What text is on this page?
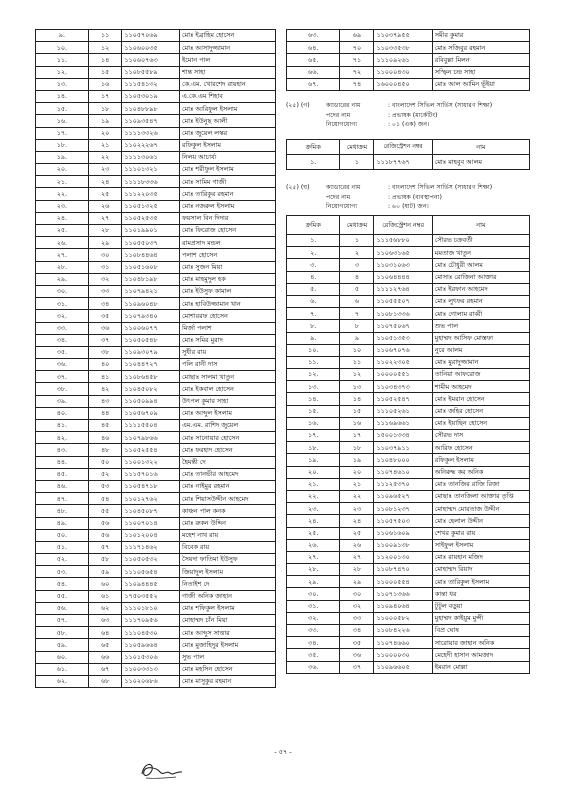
৯.	১১	১১০৫৭০৬৯	মোঃ ইব্রাহিম হোসেন
১০.	১২	১১০৬০০৩৫	মোঃ আসাদুজ্জামান
১১.	১৪	১১০৬০৭৬৩	ইমোন পাল
১২.	১৫	১১০৮৫৫৮৯	শান্ত সাহা
১৩.	১৬	১১১৫৪১৩২	কে.এম. খোরশেদ রায়হান
১৪.	১৭	১১০৫৩০১৯	এ.কে.এম শিহাব
১৫.	১৮	১১০৪৮৮৯৮	মোঃ আরিফুল ইসলাম
১৬.	১৯	১১০৯৩৫৪৭	মোঃ ইউনুছ আলী
১৭.	২০	১১১১৩৩২৬	মোঃ জুয়েল লস্কর
১৮.	২১	১১০২২২৬৭	রফিকুল ইসলাম
১৯.	২২	১১১১৩০৬১	নিলয় আচার্য্য
২০.	২৩	১১১০১৩২১	মোঃ শরীফুল ইসলাম
২১.	২৪	১১১১৮৩৩৬	মোঃ সামিম গাজী
২২.	২৫	১১১২২০৩৫	মোঃ তারিকুর রহমান
২৩.	২৬	১১০৫১৩২৫	মোঃ নজরুল ইসলাম
২৪.	২৭	১১০৫২৫৩৫	ফয়সাল বিন দিদার
২৫.	২৮	১১০১৯৯০১	মোঃ ফিরোজ হোসেন
২৬.	২৯	১১০৫৫০৩৭	রামপ্রসাদ মন্ডল
২৭.	৩০	১১০৮৪৪৬৪	পলাশ হোসেন
২৮.	৩১	১১০৫১৬০৮	মোঃ সুজন মিয়া
২৯.	৩২	১১০৪৮১৯৮	মোঃ মাহমুদুল হক
৩০.	৩৩	১১০৭৯৪২১	মোঃ ইউসুফ কামাল
৩১.	৩৪	১১০৯৬০৪৮	মোঃ হাবিউজ্জামান খান
৩২.	৩৫	১১০৭৯৩৪০	মোশাররফ হোসেন
৩৩.	৩৬	১১০০৬০৭৭	মির্জা পলাশ
৩৪.	৩৭	১১০৫০৫৪৮	মোঃ সমির মুরাদ
৩৫.	৩৮	১১০৯৩০৭৯	সুধীর রায়
৩৬.	৪০	১১০৪৪৭২৭	পলি রানী দাস
৩৭.	৪১	১১০৮৬৪৫৮	মোছাঃ সালমা খাতুন
৩৮.	৪২	১১০৪৫০৮২	মোঃ ইকবাল হোসেন
৩৯.	৪৩	১১০৫০৯৯৪	উৎপল কুমার সাহা
৪০.	৪৪	১১০৫৬৭০৯	মোঃ আব্দুল ইসলাম
৪১.	৪৫	১১১১৫৫০৪	এম.এম. রাশিদ জুয়েল
৪২.	৪৬	১১০৭৯৮৬৬	মোঃ সানোয়ার হোসেন
৪৩.	৪৮	১১০৫২৫৫৪	মোঃ ফরহাদ হোসেন
৪৪.	৫০	১১০০১৩২২	হৈমন্তী দে
৪৫.	৫২	১১১৫৭০১৬	মোঃ তানভীর আহমেদ
৪৬.	৫৩	১১০৫৪৭১৮	মোঃ নাইমুর রহমান
৪৭.	৫৪	১১০১২৭৬২	মোঃ শিয়াসউদ্দীন আহমেদ
৪৮.	৫৫	১১০৪৫০৮৭	কাঞ্চন পাল কনক
৪৯.	৫৬	১১০০৭০১৪	মোঃ রুকন উদ্দিন
৫০.	৫৬	১১০১২০০৪	মহেশ নাথ রায়
৫১.	৫৭	১১১৭১৪৬২	বিবেক রায়
৫২.	৫৮	১১০৫০৫৩২	সৈয়দা ফাতিমা ইউসুফ
৫৩.	৫৯	১১১০৫৬৫৪	জিয়াদুল ইসলাম
৫৪.	৬০	১১০৯৪৪৪৫	নিতাইশ দে
৫৫.	৬১	১৭৫০৩৫৫২	গাজী অনিক জাহান
৫৬.	৬২	১১১০১৮১০	মোঃ শফিকুল ইসলাম
৫৭.	৬৩	১১১৭০৯৫৬	মোহাম্মদ চাঁন মিয়া
৫৮.	৬৪	১১১০৪৫৩০	মোঃ আব্দুস সাত্তার
৫৯.	৬৫	১১০৫৯৬৬৪	মোঃ মুজাহিদুর ইসলাম
৬০.	৬৬	১১০১৫৩০৬	সুভ পাল
৬১.	৬৭	১১০০৩৩১৩	মোঃ মহসিন হোসেন
৬২.	৬৮	১১০২০৬৮৬	মোঃ মাসুকুর রহমান
৬৩.	৬৯	১১০৩৭৯৫৫	সমীর কুমার
৬৪.	৭০	১১০৩৩৫৩৮	মোঃ সজিবুর রহমান
৬৫.	৭১	১১১০৯২৬১	রবিবুল্লা মিলন
৬৬.	৭২	১১০০০৪৩০	সস্ফিন চন্দ্র সাহা
৬৭.	৭৪	১৬০০০৪৫০	মোঃ আল আমিন ভূঁইয়া
(২৫) (গ)	ক্যাডারের নাম	: বাংলাদেশ সিভিল সার্ভিস (সাধারণ শিক্ষা)
পদের নাম	: প্রভাষক (মার্কেটিং)
নিয়োগযোগ্য	: ০১ (এক) জন।
ক্রমিক	মেধাক্রম	রেজিস্ট্রেশন নম্বর	নাম
১.	১	১১১৮৭৭৬৭	মোঃ মাহবুব আলম
(২৫) (ঘ)	ক্যাডারের নাম	: বাংলাদেশ সিভিল সার্ভিস (সাধারণ শিক্ষা)
পদের নাম	: প্রভাষক (ব্যবস্থাপনা)
নিয়োগযোগ্য	: ৬০ (ষাট) জন।
ক্রমিক	মেধাক্রম	রেজিস্ট্রেশন নম্বর	নাম
১.	১	১১১৫৬৮৮০	সৌরভ চক্রবর্তী
২.	২	১১০৬৩১৬৫	মমতাজ খাতুন
৩.	৩	১১০৩১০৬৩	মোঃ চৌধুরী আলম
৪.	৪	১১০৬৪৪৪৪	মোসাঃ রোজিনা আক্তার
৫.	৫	১১১১২৭৬৪	মোঃ ইরফান আহমেদ
৬.	৬	১১০৫৫৫০৭	মোঃ লুৎফর রহমান
৭.	৭	১১০৮১৩৩৬	মোঃ গোলাম রাব্বী
৮.	৮	১১০৭৫০৬৭	শুভ পাল
৯.	৯	১১০৫১৩৫৩	মুহাম্মদ আসিফ মোস্তফা
১০.	১০	১১০৬৭০৭৬	নুরে আলম
১১.	১১	১১০২২৩০৫	মোঃ মুরাদুজ্জামান
১২.	১২	১০০০০৫৫১	তানিয়া আফরোজ
১৩.	১৩	১১০৩৪৩৭৩	শামীম আহমেদ
১৪.	১৪	১১০৫২৫৪৭	মোঃ ইমরান হোসেন
১৫.	১৫	১১১০৫২৬১	মোঃ জহির হোসেন
১৬.	১৬	১১১৬৯৬৬১	মোঃ ইয়াছিন হোসেন
১৭.	১৭	১৫০০১৩৩৪	সৌরভ দাস
১৮.	১৮	১১০৩৭৯১১	আরিফ হোসেন
১৯.	১৯	১১০৪৮০০০	রফিকুল ইসলাম
২০.	২০	১১০৭৪৬১০	অনিরুদ্ধ কর অনিক
২১.	২১	১১১২৫৩৭০	মোঃ তানজির রাজি রিজা
২২.	২২	১১০৯৬৫২৭	মোছাঃ তানজিলা আক্তার তৃপ্তি
২৩.	২৩	১১০৮১২৩৭	মোহাম্মদ মোরতাজ উদ্দীন
২৪.	২৪	১১০৫৭৫০৩	মোঃ হেলাল উদ্দীন
২৫.	২৫	১১০৬১৬০৯	শেখর কুমার রায়
২৬.	২৬	১১০০৯১৩৮	সাইফুল ইসলাম
২৭.	২৭	১১২০০১৩০	মোঃ রায়হান মজিদ
২৮.	২৮	১১০৮৭৪৭০	মোহাম্মদ রিয়াদ
২৯.	২৯	১১০০০৫৫৪	মোঃ তারিকুল ইসলাম
৩০.	৩০	১১০৭১৩৬৬	কান্তা ধর
৩১.	৩২	১১০৯৪০৬৪	টুটুল বড়ুয়া
৩২.	৩৩	১১০০০৫৮২	মুহাম্মদ কাইয়ুম মুন্সী
৩৩.	৩৪	১১০৮৪২২৬	বিপ্র ঘোষ
৩৪.	৩৫	১১০৭৪৬৬০	সারোয়ার জাহান অনিক
৩৫.	৩৬	১১০০০০৩০	মেহেদী হাসান আমজাদ
৩৬.	৩৭	১১০৯৬৬০৫	ইমরান মোল্লা
- ৫৭ -
